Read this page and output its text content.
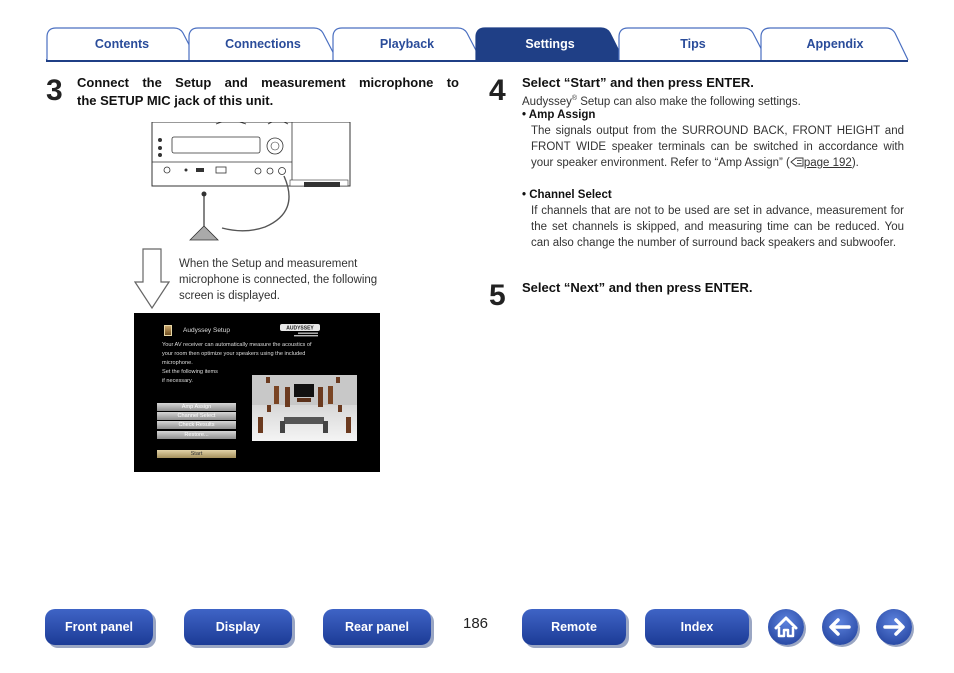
Contents	Connections	Playback	Settings	Tips	Appendix
3 Connect the Setup and measurement microphone to
the SETUP MIC jack of this unit.
When the Setup and measurement microphone is connected, the following screen is displayed.
Audyssey Setup	AUDYSSEY
Your AV receiver can automatically measure the acoustics of
your room then optimize your speakers using the included
microphone.
Set the following items
if necessary.
Amp Assign
Channel Select
Check Results
Restore...
Start
4 Select “Start” and then press ENTER.
Audyssey® Setup can also make the following settings.
• Amp Assign
The signals output from the SURROUND BACK, FRONT HEIGHT and FRONT WIDE speaker terminals can be switched in accordance with your speaker environment. Refer to “Amp Assign” ( page 192).
• Channel Select
If channels that are not to be used are set in advance, measurement for the set channels is skipped, and measuring time can be reduced. You can also change the number of surround back speakers and subwoofer.
5 Select “Next” and then press ENTER.
Front panel	Display	Rear panel	186	Remote	Index
